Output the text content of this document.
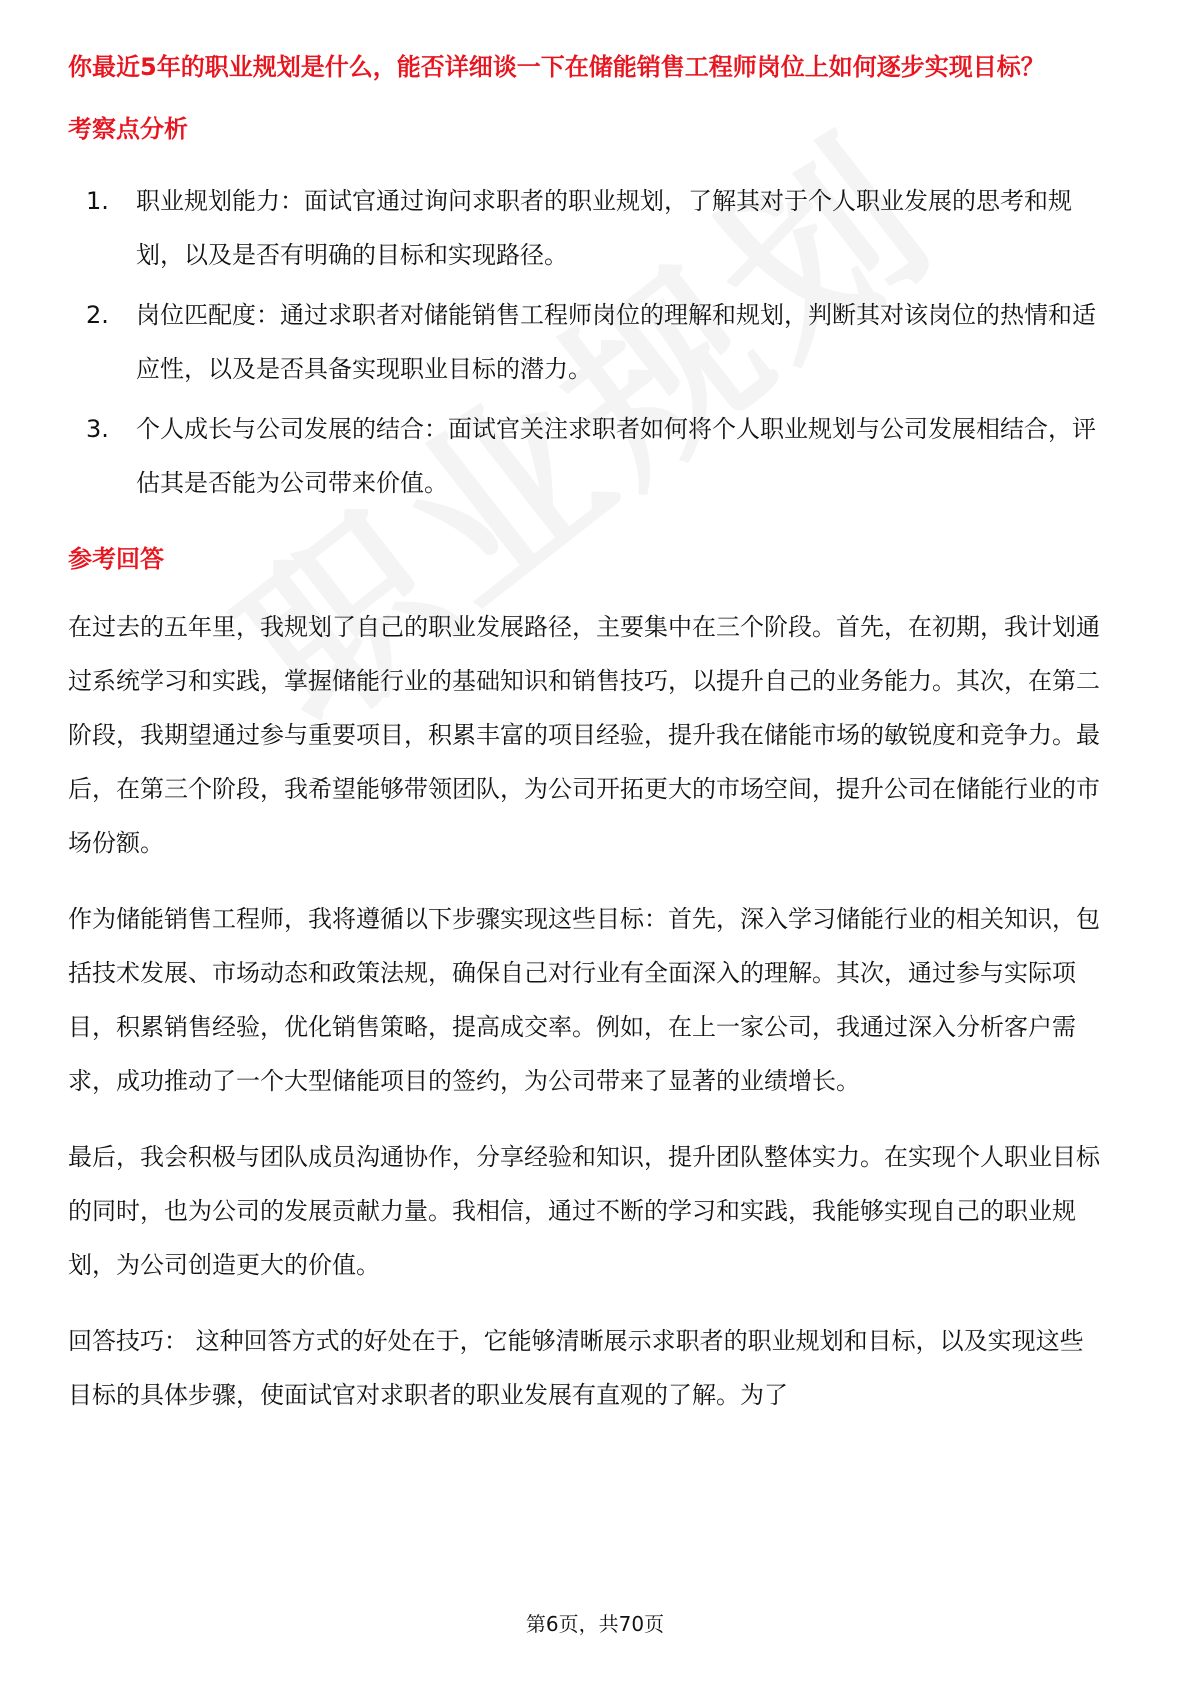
你最近5年的职业规划是什么，能否详细谈一下在储能销售工程师岗位上如何逐步实现目标？
考察点分析
1.	职业规划能力：面试官通过询问求职者的职业规划，了解其对于个人职业发展的思考和规划，以及是否有明确的目标和实现路径。
2.	岗位匹配度：通过求职者对储能销售工程师岗位的理解和规划，判断其对该岗位的热情和适应性，以及是否具备实现职业目标的潜力。
3.	个人成长与公司发展的结合：面试官关注求职者如何将个人职业规划与公司发展相结合，评估其是否能为公司带来价值。
参考回答

在过去的五年里，我规划了自己的职业发展路径，主要集中在三个阶段。首先，在初期，我计划通过系统学习和实践，掌握储能行业的基础知识和销售技巧，以提升自己的业务能力。其次，在第二阶段，我期望通过参与重要项目，积累丰富的项目经验，提升我在储能市场的敏锐度和竞争力。最后，在第三个阶段，我希望能够带领团队，为公司开拓更大的市场空间，提升公司在储能行业的市场份额。

作为储能销售工程师，我将遵循以下步骤实现这些目标：首先，深入学习储能行业的相关知识，包括技术发展、市场动态和政策法规，确保自己对行业有全面深入的理解。其次，通过参与实际项目，积累销售经验，优化销售策略，提高成交率。例如，在上一家公司，我通过深入分析客户需求，成功推动了一个大型储能项目的签约，为公司带来了显著的业绩增长。

最后，我会积极与团队成员沟通协作，分享经验和知识，提升团队整体实力。在实现个人职业目标的同时，也为公司的发展贡献力量。我相信，通过不断的学习和实践，我能够实现自己的职业规划，为公司创造更大的价值。

回答技巧： 这种回答方式的好处在于，它能够清晰展示求职者的职业规划和目标，以及实现这些目标的具体步骤，使面试官对求职者的职业发展有直观的了解。为了

第6页，共70页
